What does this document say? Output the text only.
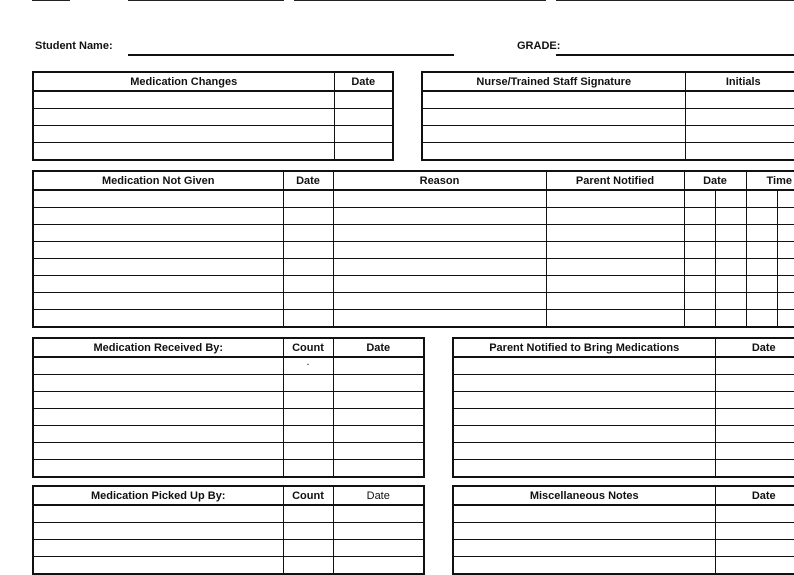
Student Name:	GRADE:
Medication Changes	Date

		Nurse/Trained Staff Signature	Initials

Medication Not Given	Date	Reason	Parent Notified	Date		Time	

Medication Received By:	Count	Date
	.	

Parent Notified to Bring Medications	Date

Medication Picked Up By:	Count	Date

			Miscellaneous Notes	Date
